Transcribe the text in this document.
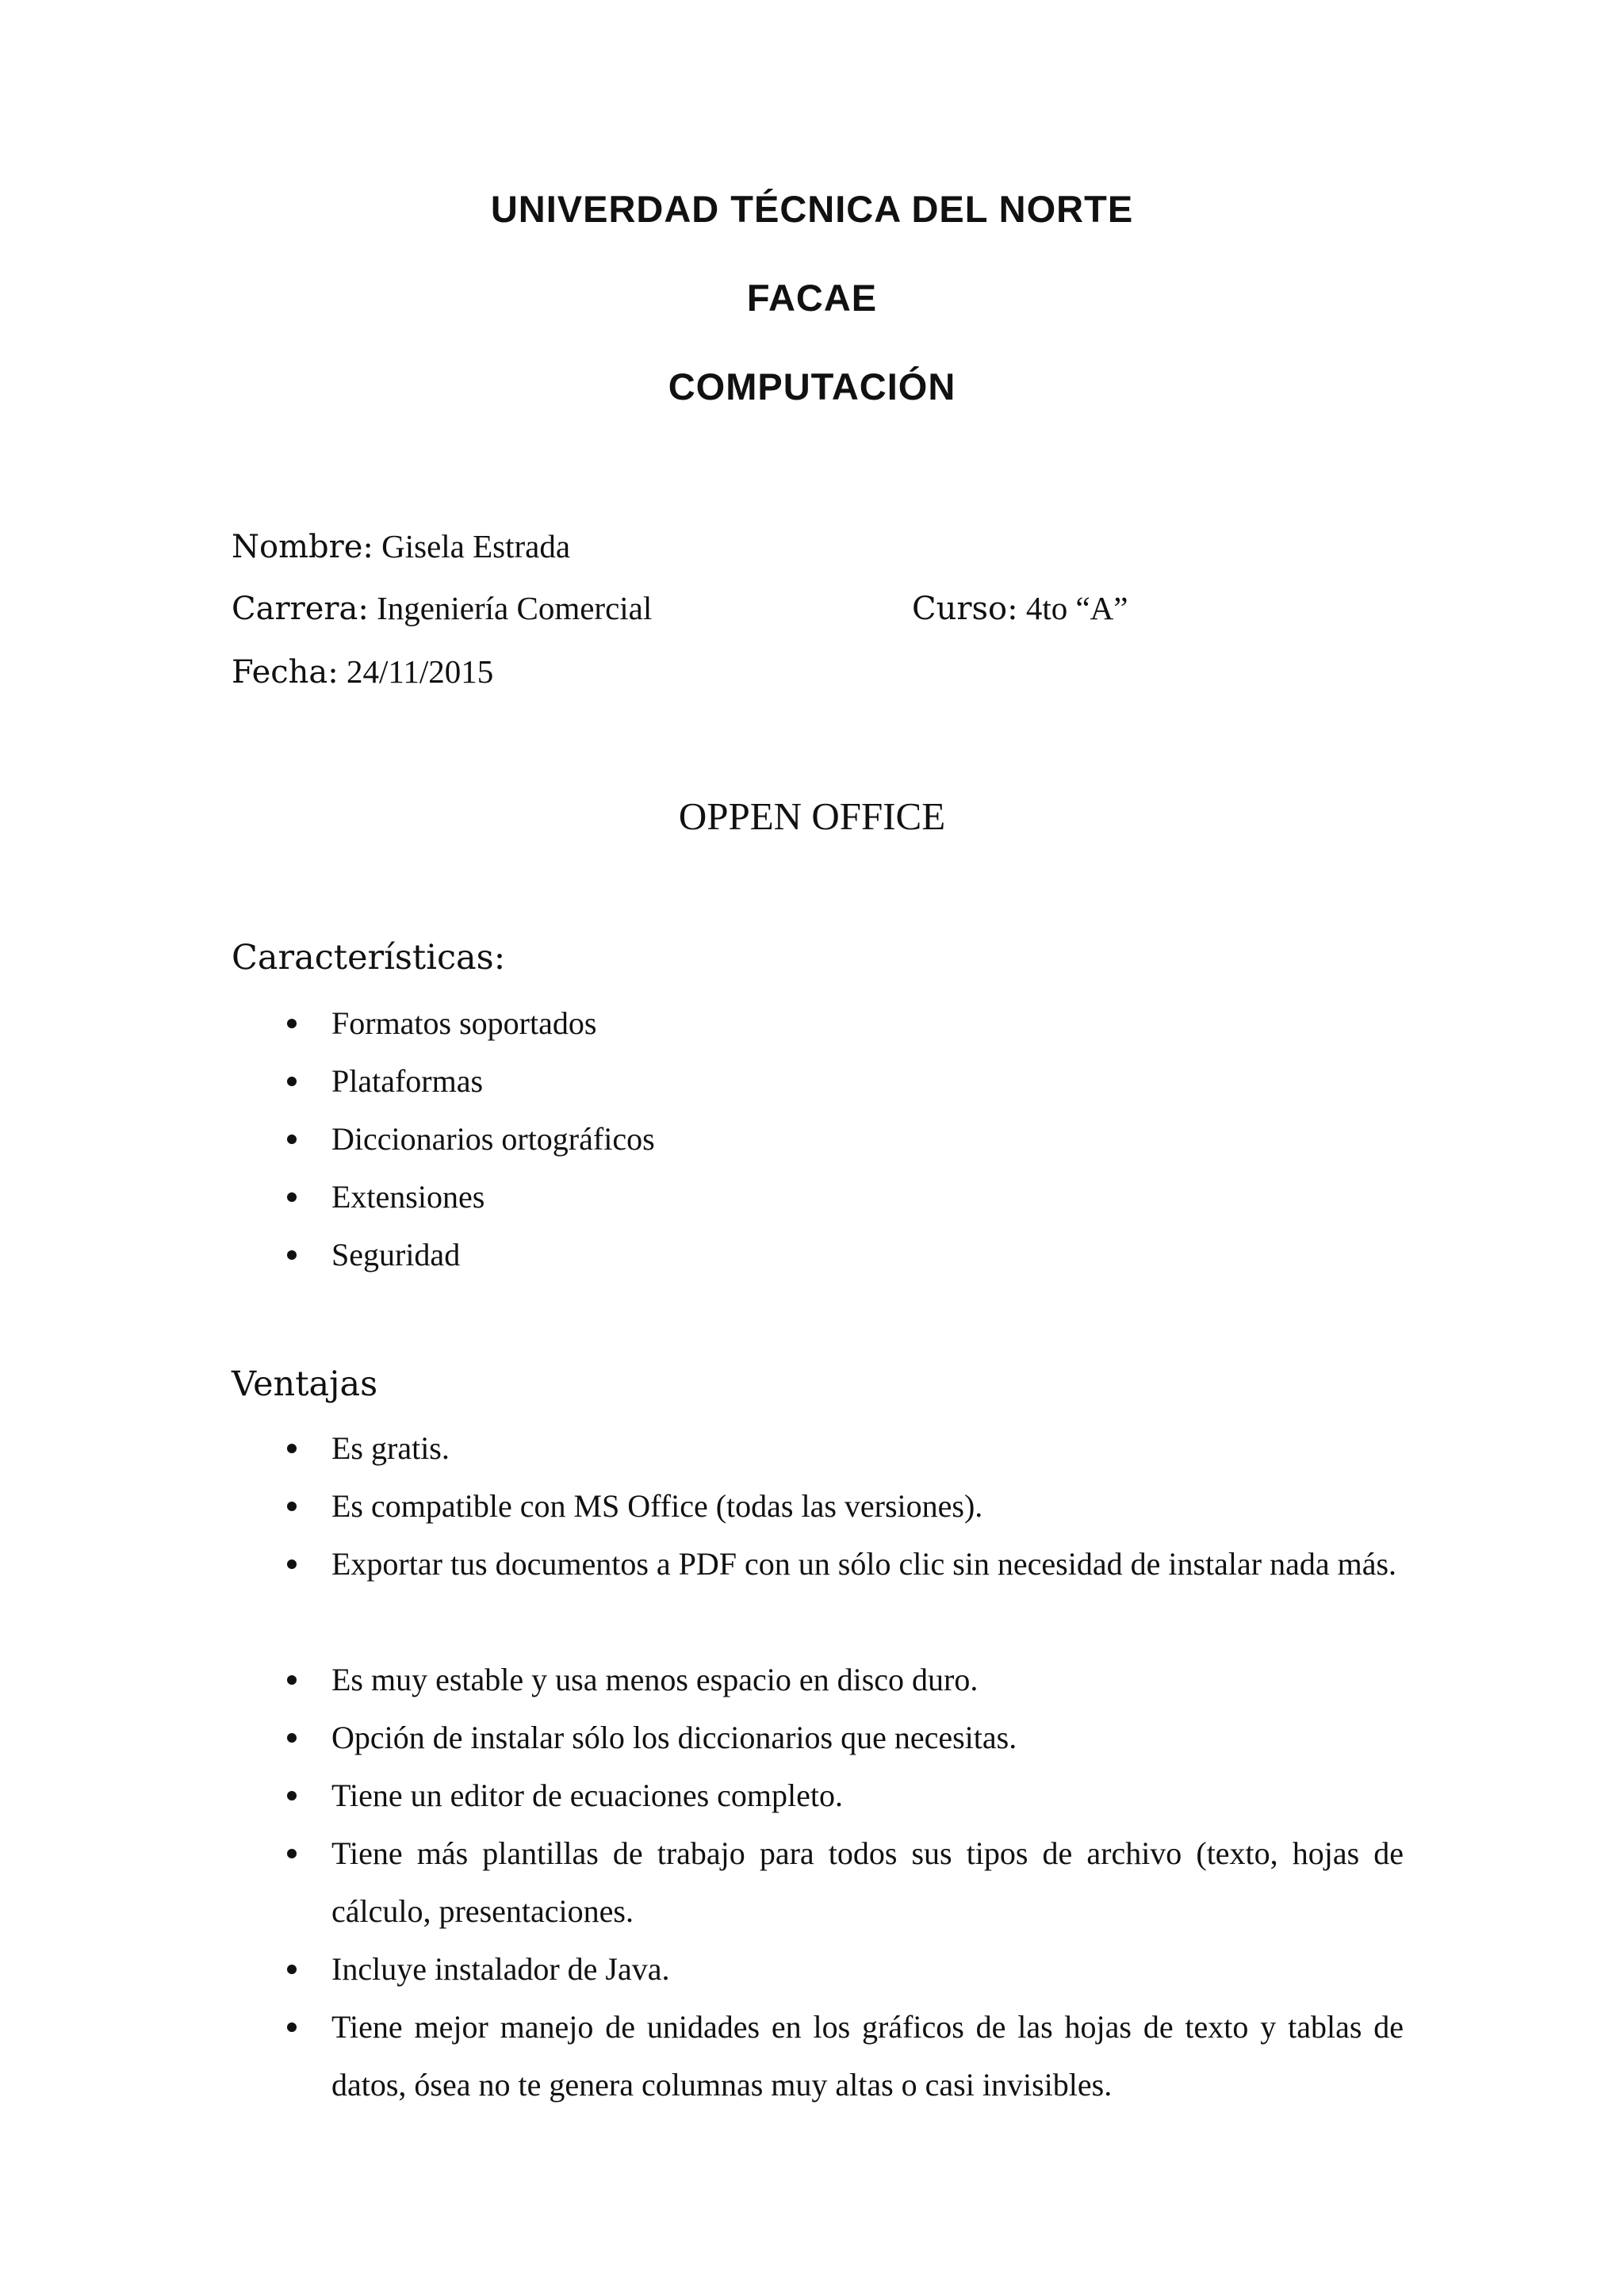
UNIVERDAD TÉCNICA DEL NORTE
FACAE
COMPUTACIÓN
Nombre: Gisela Estrada
Carrera: Ingeniería Comercial	Curso: 4to “A”
Fecha: 24/11/2015
OPPEN OFFICE
Características:
Formatos soportados
Plataformas
Diccionarios ortográficos
Extensiones
Seguridad
Ventajas
Es gratis.
Es compatible con MS Office (todas las versiones).
Exportar tus documentos a PDF con un sólo clic sin necesidad de instalar nada más.
Es muy estable y usa menos espacio en disco duro.
Opción de instalar sólo los diccionarios que necesitas.
Tiene un editor de ecuaciones completo.
Tiene más plantillas de trabajo para todos sus tipos de archivo (texto, hojas de cálculo, presentaciones.
Incluye instalador de Java.
Tiene mejor manejo de unidades en los gráficos de las hojas de texto y tablas de datos, ósea no te genera columnas muy altas o casi invisibles.
